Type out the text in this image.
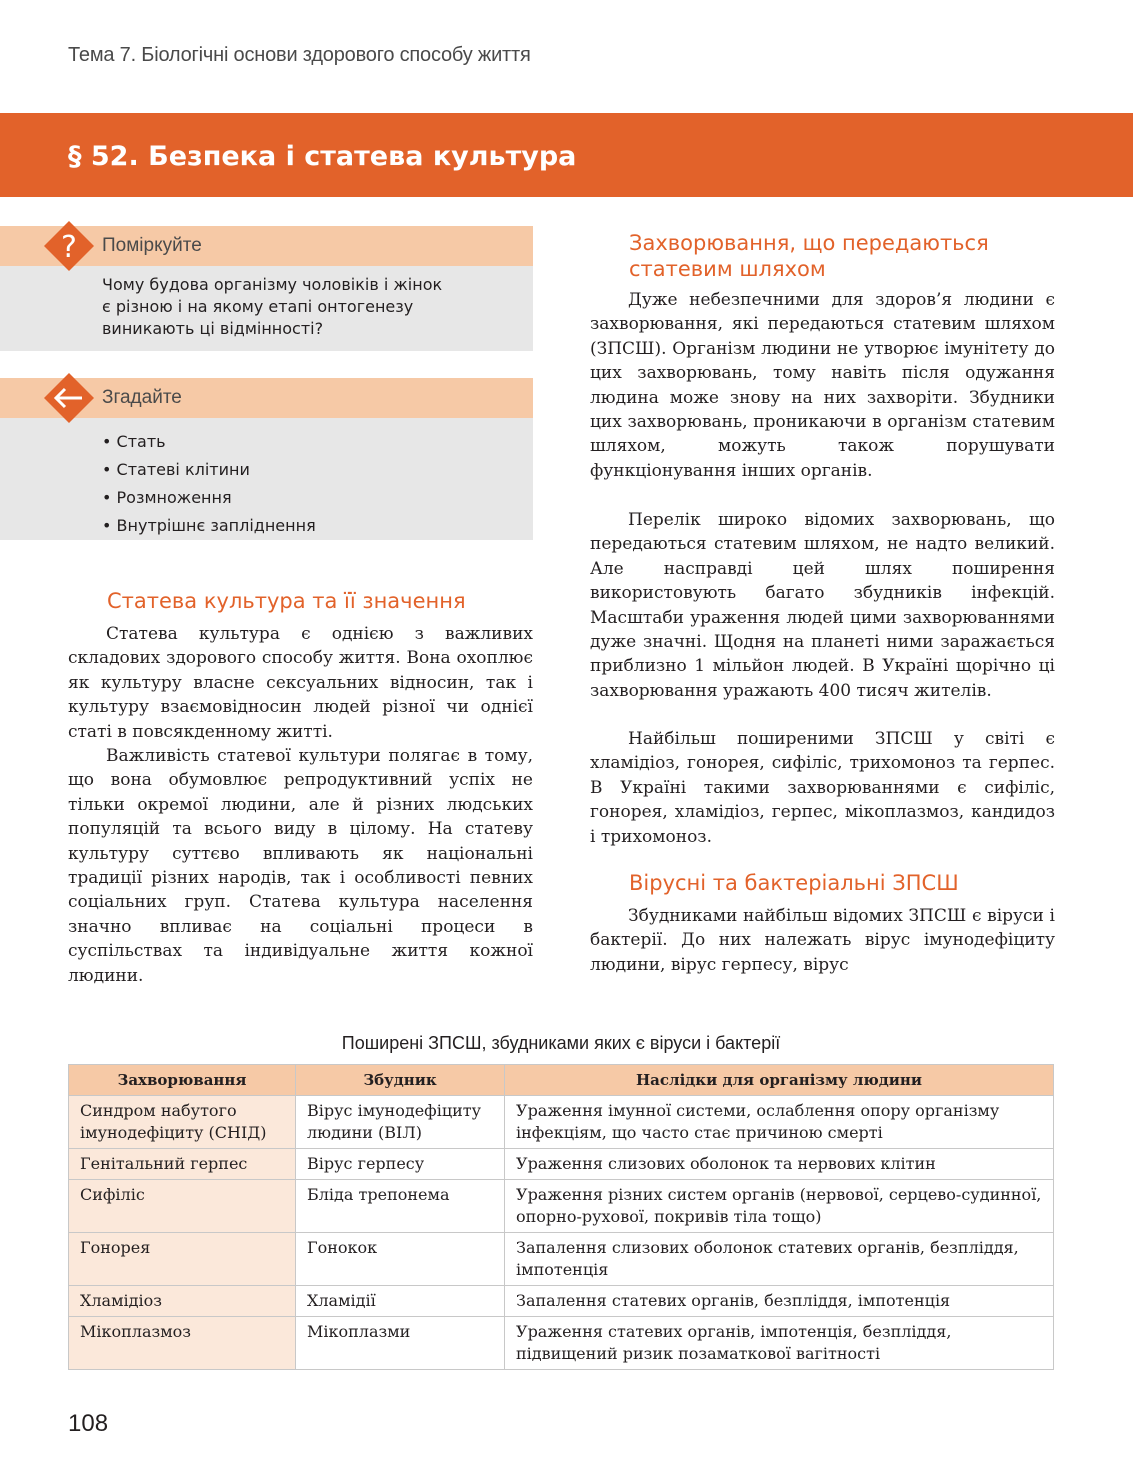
Тема 7. Біологічні основи здорового способу життя
§ 52. Безпека і статева культура
? Поміркуйте
Чому будова організму чоловіків і жінок
є різною і на якому етапі онтогенезу
виникають ці відмінності?
Згадайте
• Стать
• Статеві клітини
• Розмноження
• Внутрішнє запліднення
Статева культура та її значення

Статева культура є однією з важливих складових здорового способу життя. Вона охоплює як культуру власне сексуальних відносин, так і культуру взаємовідносин людей різної чи однієї статі в повсякденному житті.

Важливість статевої культури полягає в тому, що вона обумовлює репродуктивний успіх не тільки окремої людини, але й різних людських популяцій та всього виду в цілому. На статеву культуру суттєво впливають як національні традиції різних народів, так і особливості певних соціальних груп. Статева культура населення значно впливає на соціальні процеси в суспільствах та індивідуальне життя кожної людини.

Захворювання, що передаються
статевим шляхом

Дуже небезпечними для здоров’я людини є захворювання, які передаються статевим шляхом (ЗПСШ). Організм людини не утворює імунітету до цих захворювань, тому навіть після одужання людина може знову на них захворіти. Збудники цих захворювань, проникаючи в організм статевим шляхом, можуть також порушувати функціонування інших органів.

Перелік широко відомих захворювань, що передаються статевим шляхом, не надто великий. Але насправді цей шлях поширення використовують багато збудників інфекцій. Масштаби ураження людей цими захворюваннями дуже значні. Щодня на планеті ними заражається приблизно 1 мільйон людей. В Україні щорічно ці захворювання уражають 400 тисяч жителів.

Найбільш поширеними ЗПСШ у світі є хламідіоз, гонорея, сифіліс, трихомоноз та герпес. В Україні такими захворюваннями є сифіліс, гонорея, хламідіоз, герпес, мікоплазмоз, кандидоз і трихомоноз.

Вірусні та бактеріальні ЗПСШ

Збудниками найбільш відомих ЗПСШ є віруси і бактерії. До них належать вірус імунодефіциту людини, вірус герпесу, вірус

Поширені ЗПСШ, збудниками яких є віруси і бактерії
Захворювання	Збудник	Наслідки для організму людини
Синдром набутого імунодефіциту (СНІД)	Вірус імунодефіциту людини (ВІЛ)	Ураження імунної системи, ослаблення опору організму інфекціям, що часто стає причиною смерті
Генітальний герпес	Вірус герпесу	Ураження слизових оболонок та нервових клітин
Сифіліс	Бліда трепонема	Ураження різних систем органів (нервової, серцево-судинної, опорно-рухової, покривів тіла тощо)
Гонорея	Гонокок	Запалення слизових оболонок статевих органів, безпліддя, імпотенція
Хламідіоз	Хламідії	Запалення статевих органів, безпліддя, імпотенція
Мікоплазмоз	Мікоплазми	Ураження статевих органів, імпотенція, безпліддя, підвищений ризик позаматкової вагітності
108
